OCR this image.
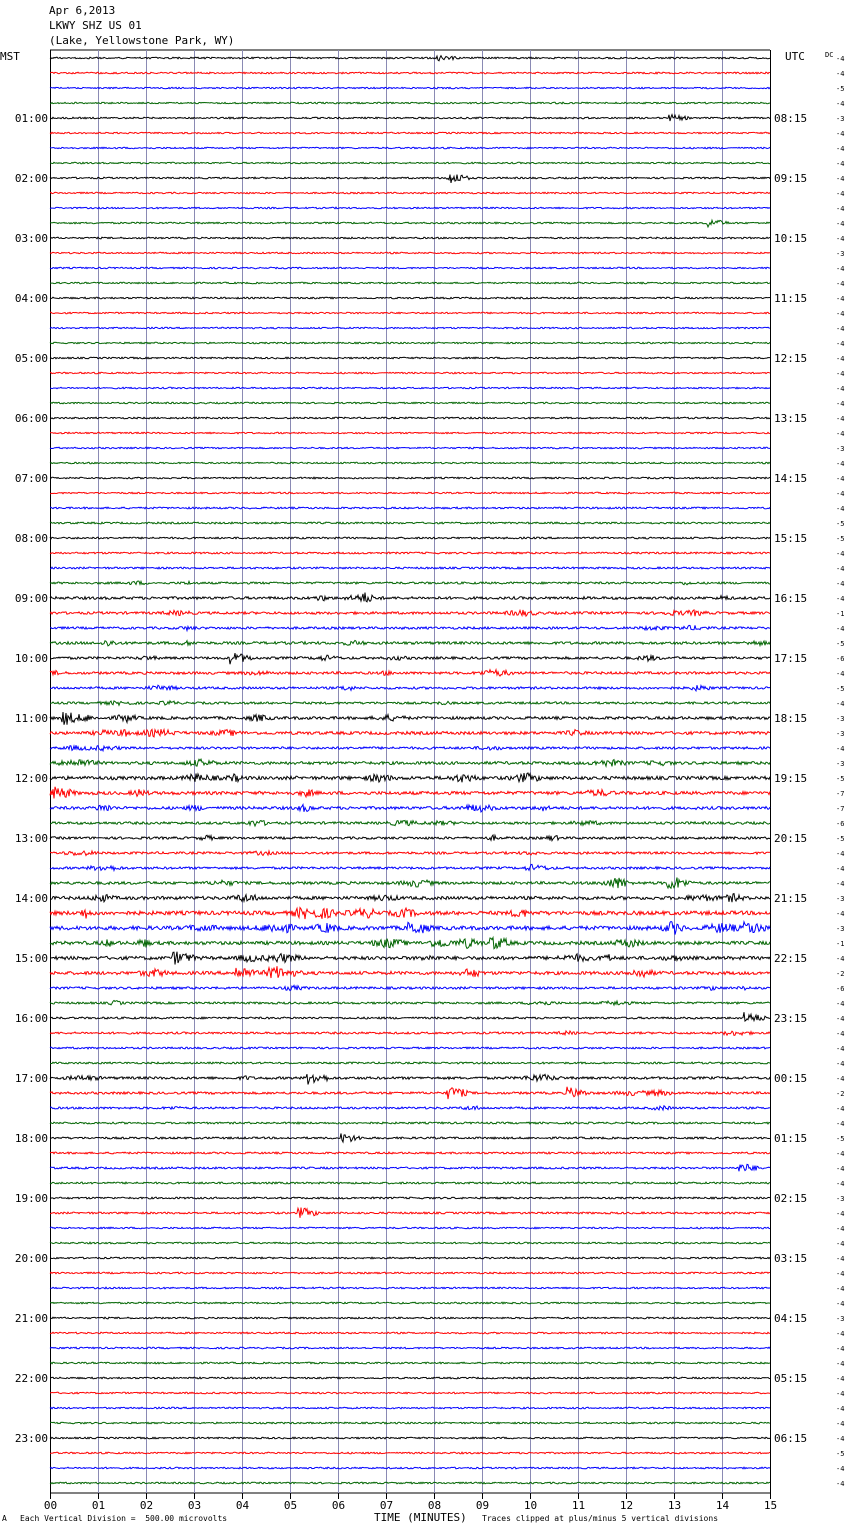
Apr 6,2013
LKWY SHZ US 01
(Lake, Yellowstone Park, WY)
MST	UTC	DC
00	01	02	03	04	05	06	07	08	09	10	11	12	13	14	15
-4
-4
-5
-4
-3
-4
-4
-4
-4
-4
-4
-4
-4
-3
-4
-4
-4
-4
-4
-4
-4
-4
-4
-4
-4
-4
-3
-4
-4
-4
-4
-5
-5
-4
-4
-4
-4
-1
-4
-5
-6
-4
-5
-4
-3
-3
-4
-3
-5
-7
-7
-6
-5
-4
-4
-4
-3
-4
-3
-1
-4
-2
-6
-4
-4
-4
-4
-4
-4
-2
-4
-4
-5
-4
-4
-4
-3
-4
-4
-4
-4
-4
-4
-4
-3
-4
-4
-4
-4
-4
-4
-4
-4
-5
-4
-4
01:00	08:15
02:00	09:15
03:00	10:15
04:00	11:15
05:00	12:15
06:00	13:15
07:00	14:15
08:00	15:15
09:00	16:15
10:00	17:15
11:00	18:15
12:00	19:15
13:00	20:15
14:00	21:15
15:00	22:15
16:00	23:15
17:00	00:15
18:00	01:15
19:00	02:15
20:00	03:15
21:00	04:15
22:00	05:15
23:00	06:15
A Each Vertical Division =  500.00 microvolts	TIME (MINUTES) Traces clipped at plus/minus 5 vertical divisions
